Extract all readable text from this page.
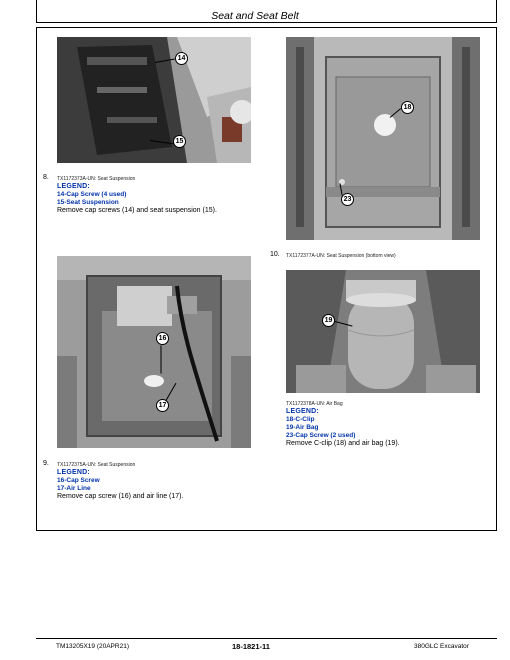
Seat and Seat Belt
14
15
8. TX1172373A-UN: Seat Suspension
LEGEND:
14-Cap Screw (4 used)
15-Seat Suspension
Remove cap screws (14) and seat suspension (15).
18
23
10. TX1172377A-UN: Seat Suspension (bottom view)
16
17
9. TX1172375A-UN: Seat Suspension
LEGEND:
16-Cap Screw
17-Air Line
Remove cap screw (16) and air line (17).
19
TX1172378A-UN: Air Bag
LEGEND:
18-C-Clip
19-Air Bag
23-Cap Screw (2 used)
Remove C-clip (18) and air bag (19).
TM13205X19 (20APR21)	18-1821-11	380GLC Excavator
